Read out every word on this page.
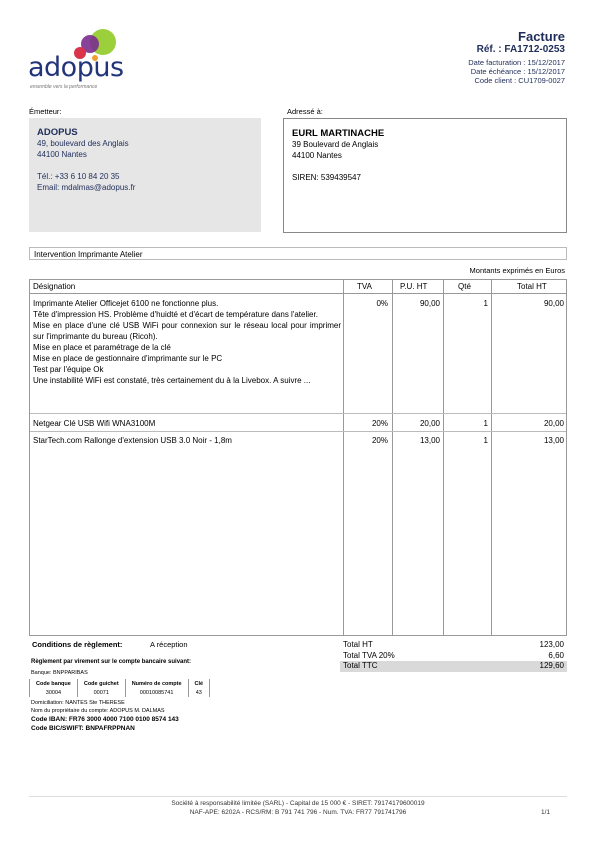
adopus
ensemble vers la performance
Facture
Réf. : FA1712-0253
Date facturation : 15/12/2017
Date échéance : 15/12/2017
Code client : CU1709-0027
Émetteur:
ADOPUS
49, boulevard des Anglais
44100 Nantes
Tél.: +33 6 10 84 20 35
Email: mdalmas@adopus.fr
Adressé à:
EURL MARTINACHE
39 Boulevard de Anglais
44100 Nantes
SIREN: 539439547
Intervention Imprimante Atelier
Montants exprimés en Euros
Désignation	TVA	P.U. HT	Qté	Total HT
Imprimante Atelier Officejet 6100 ne fonctionne plus.
Tête d'impression HS. Problème d'huidté et d'écart de température dans l'atelier.
Mise en place d'une clé USB WiFi pour connexion sur le réseau local pour imprimer sur l'imprimante du bureau (Ricoh).
Mise en place et paramétrage de la clé
Mise en place de gestionnaire d'imprimante sur le PC
Test par l'équipe Ok
Une instabilité WiFi est constaté, très certainement du à la Livebox. A suivre ...
0%	90,00	1	90,00
Netgear Clé USB Wifi WNA3100M	20%	20,00	1	20,00
StarTech.com Rallonge d'extension USB 3.0 Noir - 1,8m	20%	13,00	1	13,00
Conditions de règlement:	A réception	Total HT	123,00
Total TVA 20%	6,60
Total TTC	129,60
Règlement par virement sur le compte bancaire suivant:
Banque: BNPPARIBAS
Code banque	Code guichet	Numéro de compte	Clé
30004	00071	00010085741	43
Domiciliation: NANTES Ste THERESE
Nom du propriétaire du compte: ADOPUS M. DALMAS
Code IBAN: FR76 3000 4000 7100 0100 8574 143
Code BIC/SWIFT: BNPAFRPPNAN
Société à responsabilité limitée (SARL) - Capital de 15 000 € - SIRET: 79174179600019
NAF-APE: 6202A - RCS/RM: B 791 741 796 - Num. TVA: FR77 791741796	1/1
